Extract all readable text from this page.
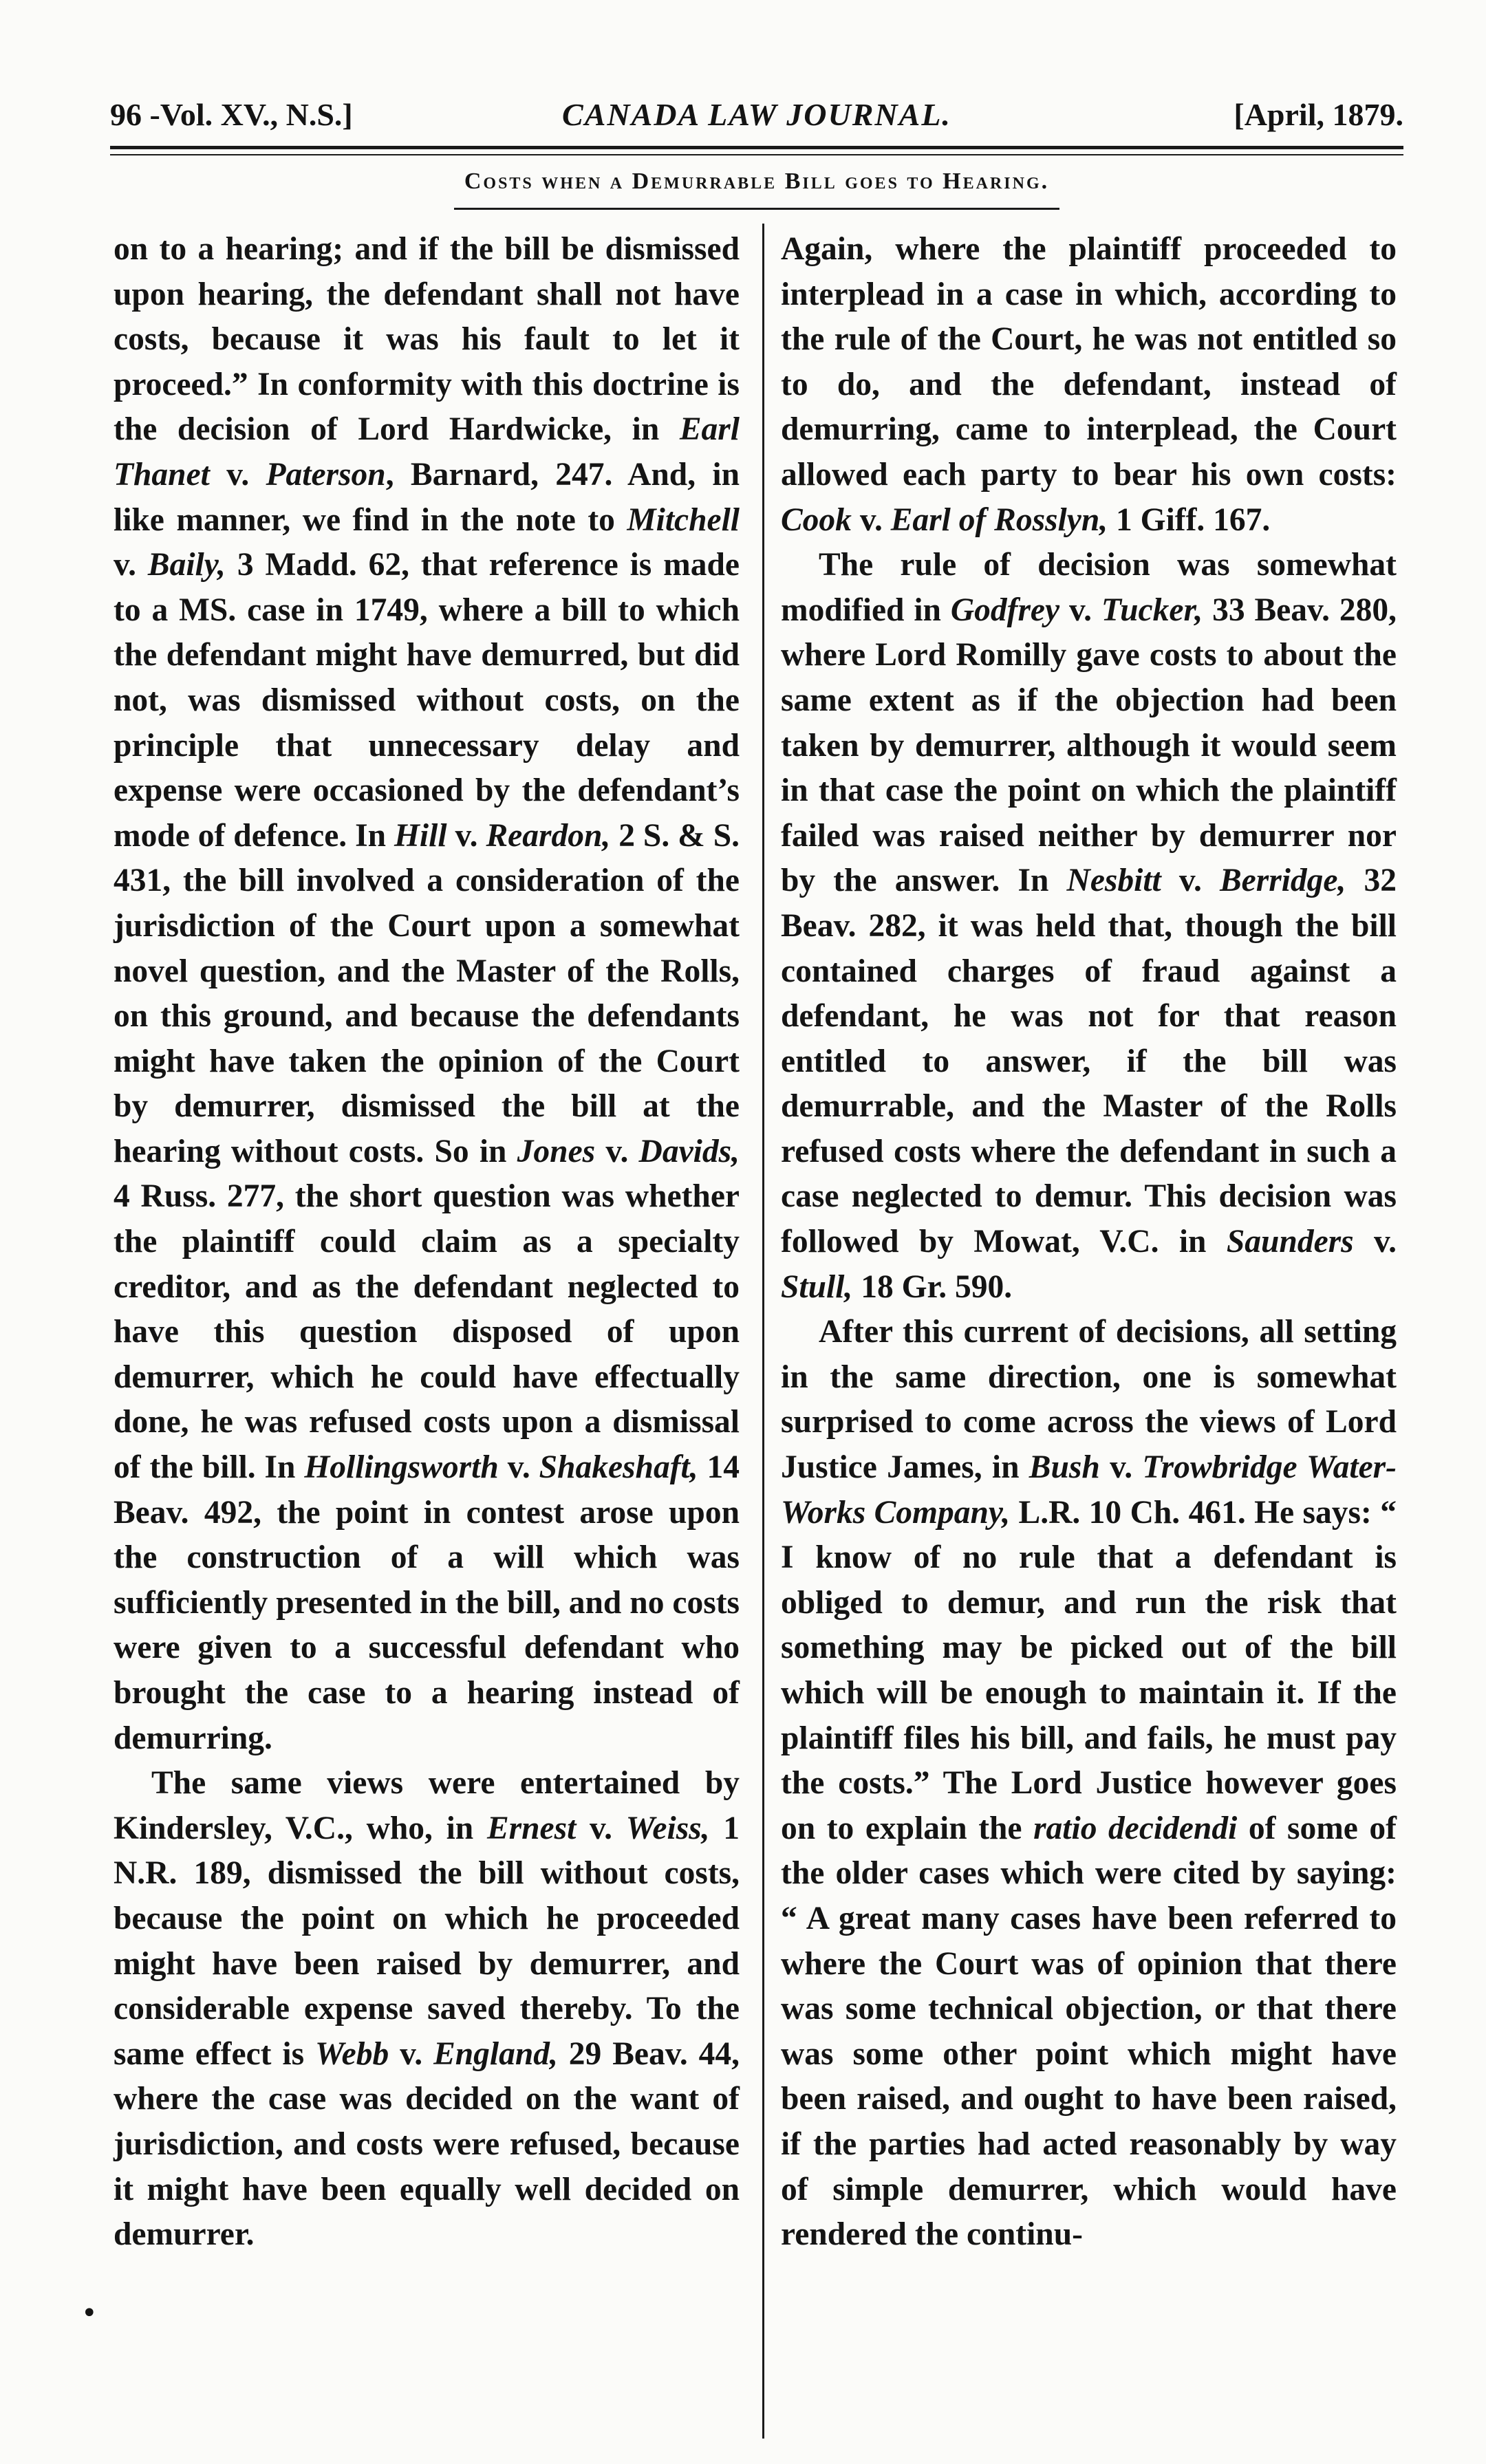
96 -Vol. XV., N.S.]	CANADA LAW JOURNAL.	[April, 1879.
Costs when a Demurrable Bill goes to Hearing.

on to a hearing; and if the bill be dismissed upon hearing, the defendant shall not have costs, because it was his fault to let it proceed.” In conformity with this doctrine is the decision of Lord Hardwicke, in Earl Thanet v. Paterson, Barnard, 247. And, in like manner, we find in the note to Mitchell v. Baily, 3 Madd. 62, that reference is made to a MS. case in 1749, where a bill to which the defendant might have demurred, but did not, was dismissed without costs, on the principle that unnecessary delay and expense were occasioned by the defendant’s mode of defence. In Hill v. Reardon, 2 S. & S. 431, the bill involved a consideration of the jurisdiction of the Court upon a somewhat novel question, and the Master of the Rolls, on this ground, and because the defendants might have taken the opinion of the Court by demurrer, dismissed the bill at the hearing without costs. So in Jones v. Davids, 4 Russ. 277, the short question was whether the plaintiff could claim as a specialty creditor, and as the defendant neglected to have this question disposed of upon demurrer, which he could have effectually done, he was refused costs upon a dismissal of the bill. In Hollingsworth v. Shakeshaft, 14 Beav. 492, the point in contest arose upon the construction of a will which was sufficiently presented in the bill, and no costs were given to a successful defendant who brought the case to a hearing instead of demurring.

The same views were entertained by Kindersley, V.C., who, in Ernest v. Weiss, 1 N.R. 189, dismissed the bill without costs, because the point on which he proceeded might have been raised by demurrer, and considerable expense saved thereby. To the same effect is Webb v. England, 29 Beav. 44, where the case was decided on the want of jurisdiction, and costs were refused, because it might have been equally well decided on demurrer.

Again, where the plaintiff proceeded to interplead in a case in which, according to the rule of the Court, he was not entitled so to do, and the defendant, instead of demurring, came to interplead, the Court allowed each party to bear his own costs: Cook v. Earl of Rosslyn, 1 Giff. 167.

The rule of decision was somewhat modified in Godfrey v. Tucker, 33 Beav. 280, where Lord Romilly gave costs to about the same extent as if the objection had been taken by demurrer, although it would seem in that case the point on which the plaintiff failed was raised neither by demurrer nor by the answer. In Nesbitt v. Berridge, 32 Beav. 282, it was held that, though the bill contained charges of fraud against a defendant, he was not for that reason entitled to answer, if the bill was demurrable, and the Master of the Rolls refused costs where the defendant in such a case neglected to demur. This decision was followed by Mowat, V.C. in Saunders v. Stull, 18 Gr. 590.

After this current of decisions, all setting in the same direction, one is somewhat surprised to come across the views of Lord Justice James, in Bush v. Trowbridge Water-Works Company, L.R. 10 Ch. 461. He says: “ I know of no rule that a defendant is obliged to demur, and run the risk that something may be picked out of the bill which will be enough to maintain it. If the plaintiff files his bill, and fails, he must pay the costs.” The Lord Justice however goes on to explain the ratio decidendi of some of the older cases which were cited by saying: “ A great many cases have been referred to where the Court was of opinion that there was some technical objection, or that there was some other point which might have been raised, and ought to have been raised, if the parties had acted reasonably by way of simple demurrer, which would have rendered the continu-

•
